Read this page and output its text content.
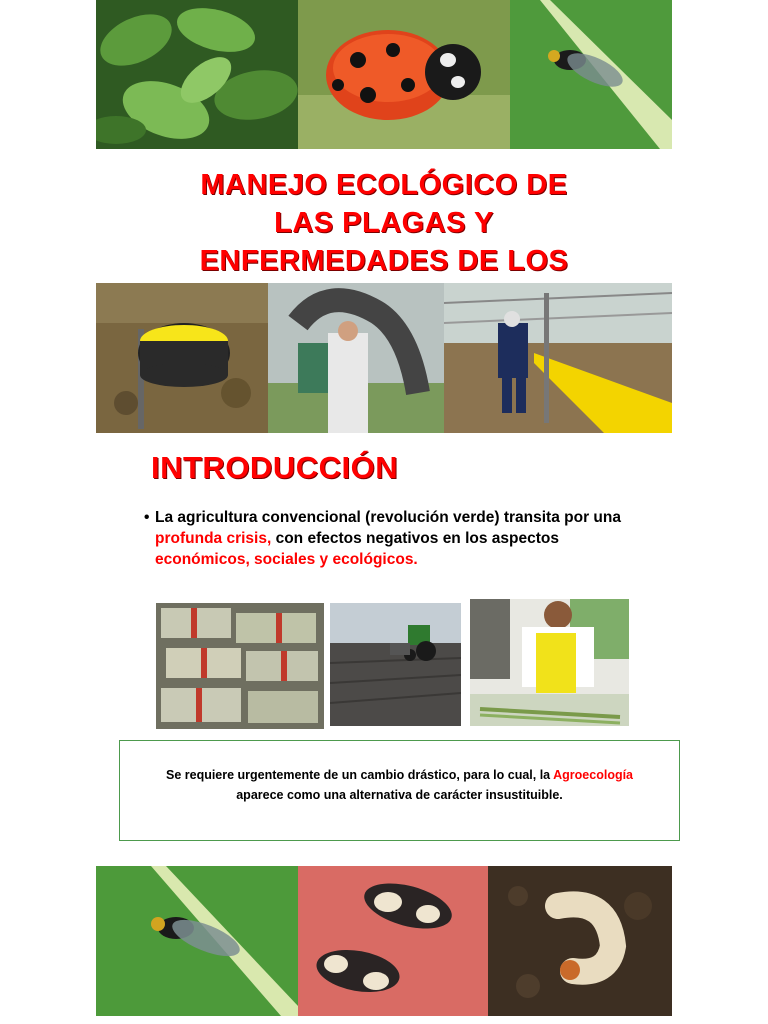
MANEJO ECOLÓGICO DE
LAS PLAGAS Y
ENFERMEDADES DE LOS
INTRODUCCIÓN
• La agricultura convencional (revolución verde) transita por una profunda crisis, con efectos negativos en los aspectos económicos, sociales y ecológicos.
Se requiere urgentemente de un cambio drástico, para lo cual, la Agroecología
aparece como una alternativa de carácter insustituible.
